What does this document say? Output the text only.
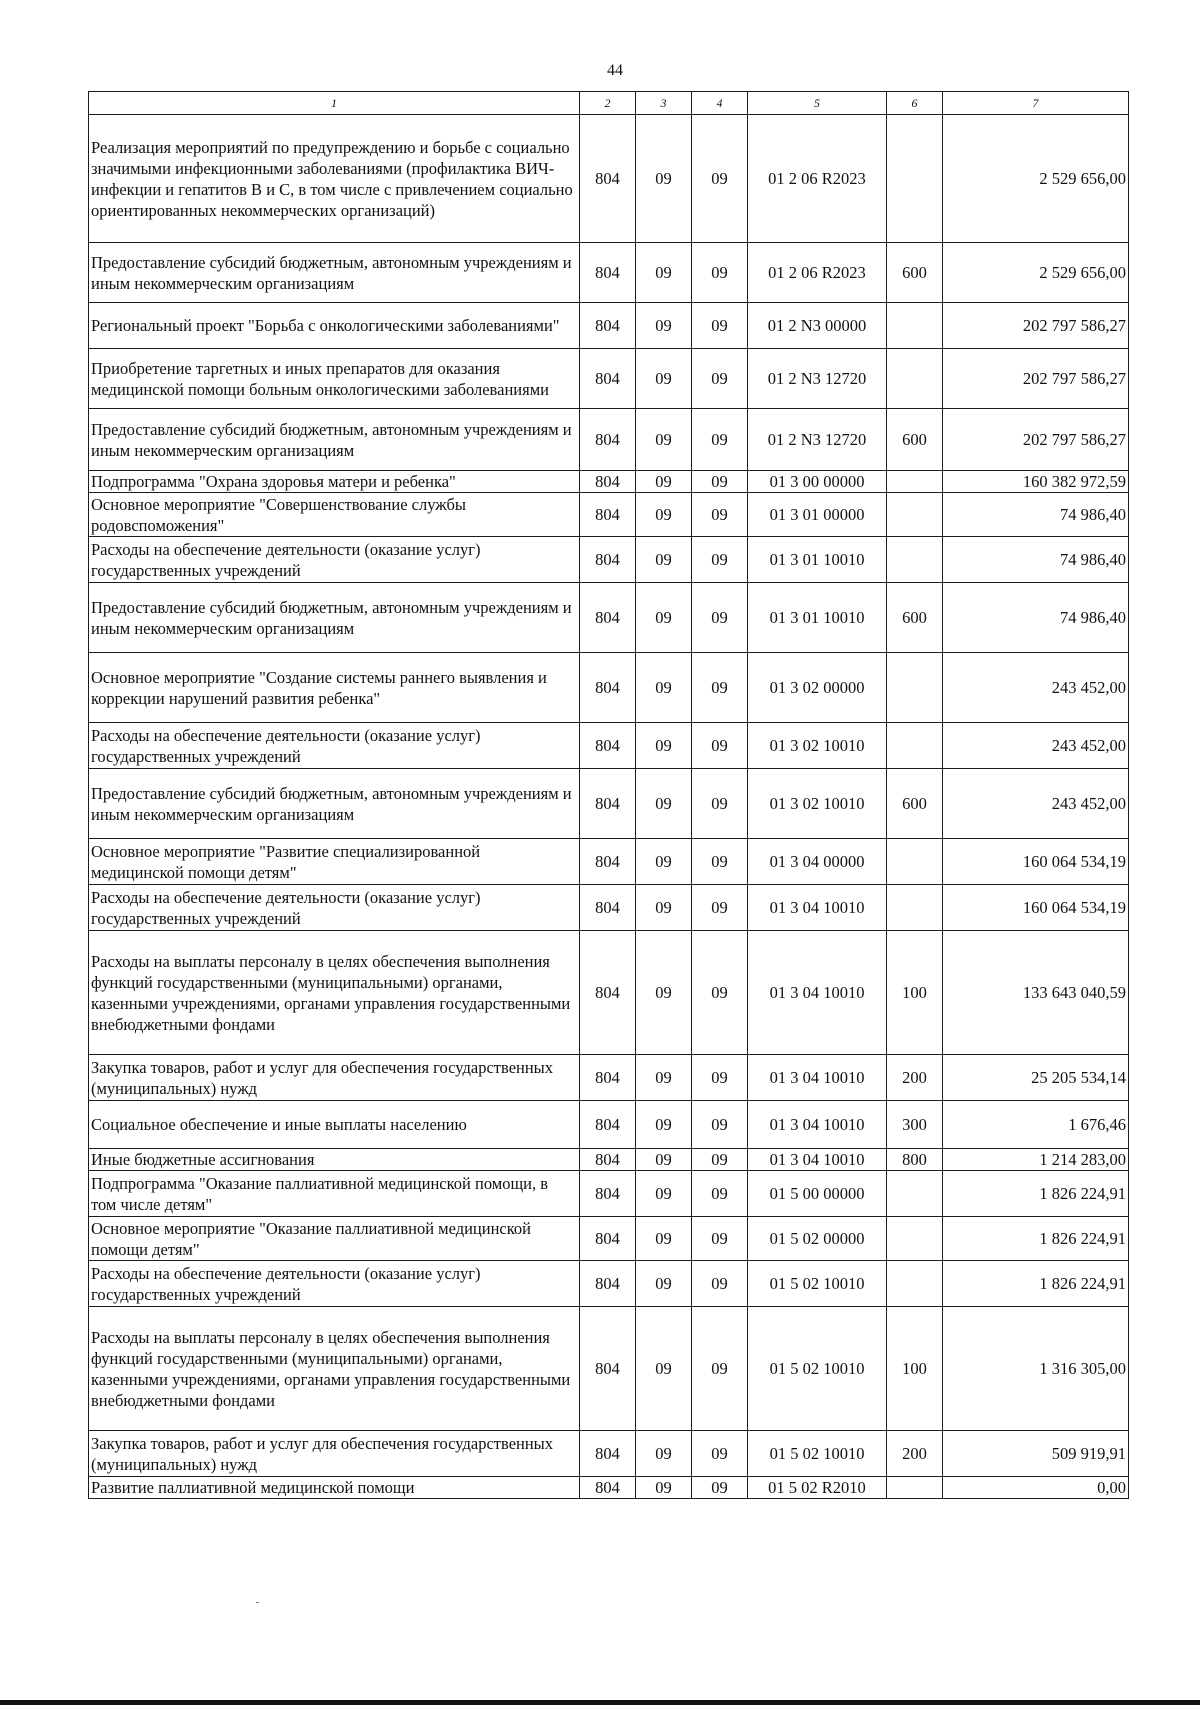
44
1	2	3	4	5	6	7
Реализация мероприятий по предупреждению и борьбе с социально значимыми инфекционными заболеваниями (профилактика ВИЧ-инфекции и гепатитов В и С, в том числе с привлечением социально ориентированных некоммерческих организаций)	804	09	09	01 2 06 R2023		2 529 656,00
Предоставление субсидий бюджетным, автономным учреждениям и иным некоммерческим организациям	804	09	09	01 2 06 R2023	600	2 529 656,00
Региональный проект "Борьба с онкологическими заболеваниями"	804	09	09	01 2 N3 00000		202 797 586,27
Приобретение таргетных и иных препаратов для оказания медицинской помощи больным онкологическими заболеваниями	804	09	09	01 2 N3 12720		202 797 586,27
Предоставление субсидий бюджетным, автономным учреждениям и иным некоммерческим организациям	804	09	09	01 2 N3 12720	600	202 797 586,27
Подпрограмма "Охрана здоровья матери и ребенка"	804	09	09	01 3 00 00000		160 382 972,59
Основное мероприятие "Совершенствование службы родовспоможения"	804	09	09	01 3 01 00000		74 986,40
Расходы на обеспечение деятельности (оказание услуг) государственных учреждений	804	09	09	01 3 01 10010		74 986,40
Предоставление субсидий бюджетным, автономным учреждениям и иным некоммерческим организациям	804	09	09	01 3 01 10010	600	74 986,40
Основное мероприятие "Создание системы раннего выявления и коррекции нарушений развития ребенка"	804	09	09	01 3 02 00000		243 452,00
Расходы на обеспечение деятельности (оказание услуг) государственных учреждений	804	09	09	01 3 02 10010		243 452,00
Предоставление субсидий бюджетным, автономным учреждениям и иным некоммерческим организациям	804	09	09	01 3 02 10010	600	243 452,00
Основное мероприятие "Развитие специализированной медицинской помощи детям"	804	09	09	01 3 04 00000		160 064 534,19
Расходы на обеспечение деятельности (оказание услуг) государственных учреждений	804	09	09	01 3 04 10010		160 064 534,19
Расходы на выплаты персоналу в целях обеспечения выполнения функций государственными (муниципальными) органами, казенными учреждениями, органами управления государственными внебюджетными фондами	804	09	09	01 3 04 10010	100	133 643 040,59
Закупка товаров, работ и услуг для обеспечения государственных (муниципальных) нужд	804	09	09	01 3 04 10010	200	25 205 534,14
Социальное обеспечение и иные выплаты населению	804	09	09	01 3 04 10010	300	1 676,46
Иные бюджетные ассигнования	804	09	09	01 3 04 10010	800	1 214 283,00
Подпрограмма "Оказание паллиативной медицинской помощи, в том числе детям"	804	09	09	01 5 00 00000		1 826 224,91
Основное мероприятие "Оказание паллиативной медицинской помощи детям"	804	09	09	01 5 02 00000		1 826 224,91
Расходы на обеспечение деятельности (оказание услуг) государственных учреждений	804	09	09	01 5 02 10010		1 826 224,91
Расходы на выплаты персоналу в целях обеспечения выполнения функций государственными (муниципальными) органами, казенными учреждениями, органами управления государственными внебюджетными фондами	804	09	09	01 5 02 10010	100	1 316 305,00
Закупка товаров, работ и услуг для обеспечения государственных (муниципальных) нужд	804	09	09	01 5 02 10010	200	509 919,91
Развитие паллиативной медицинской помощи	804	09	09	01 5 02 R2010		0,00
